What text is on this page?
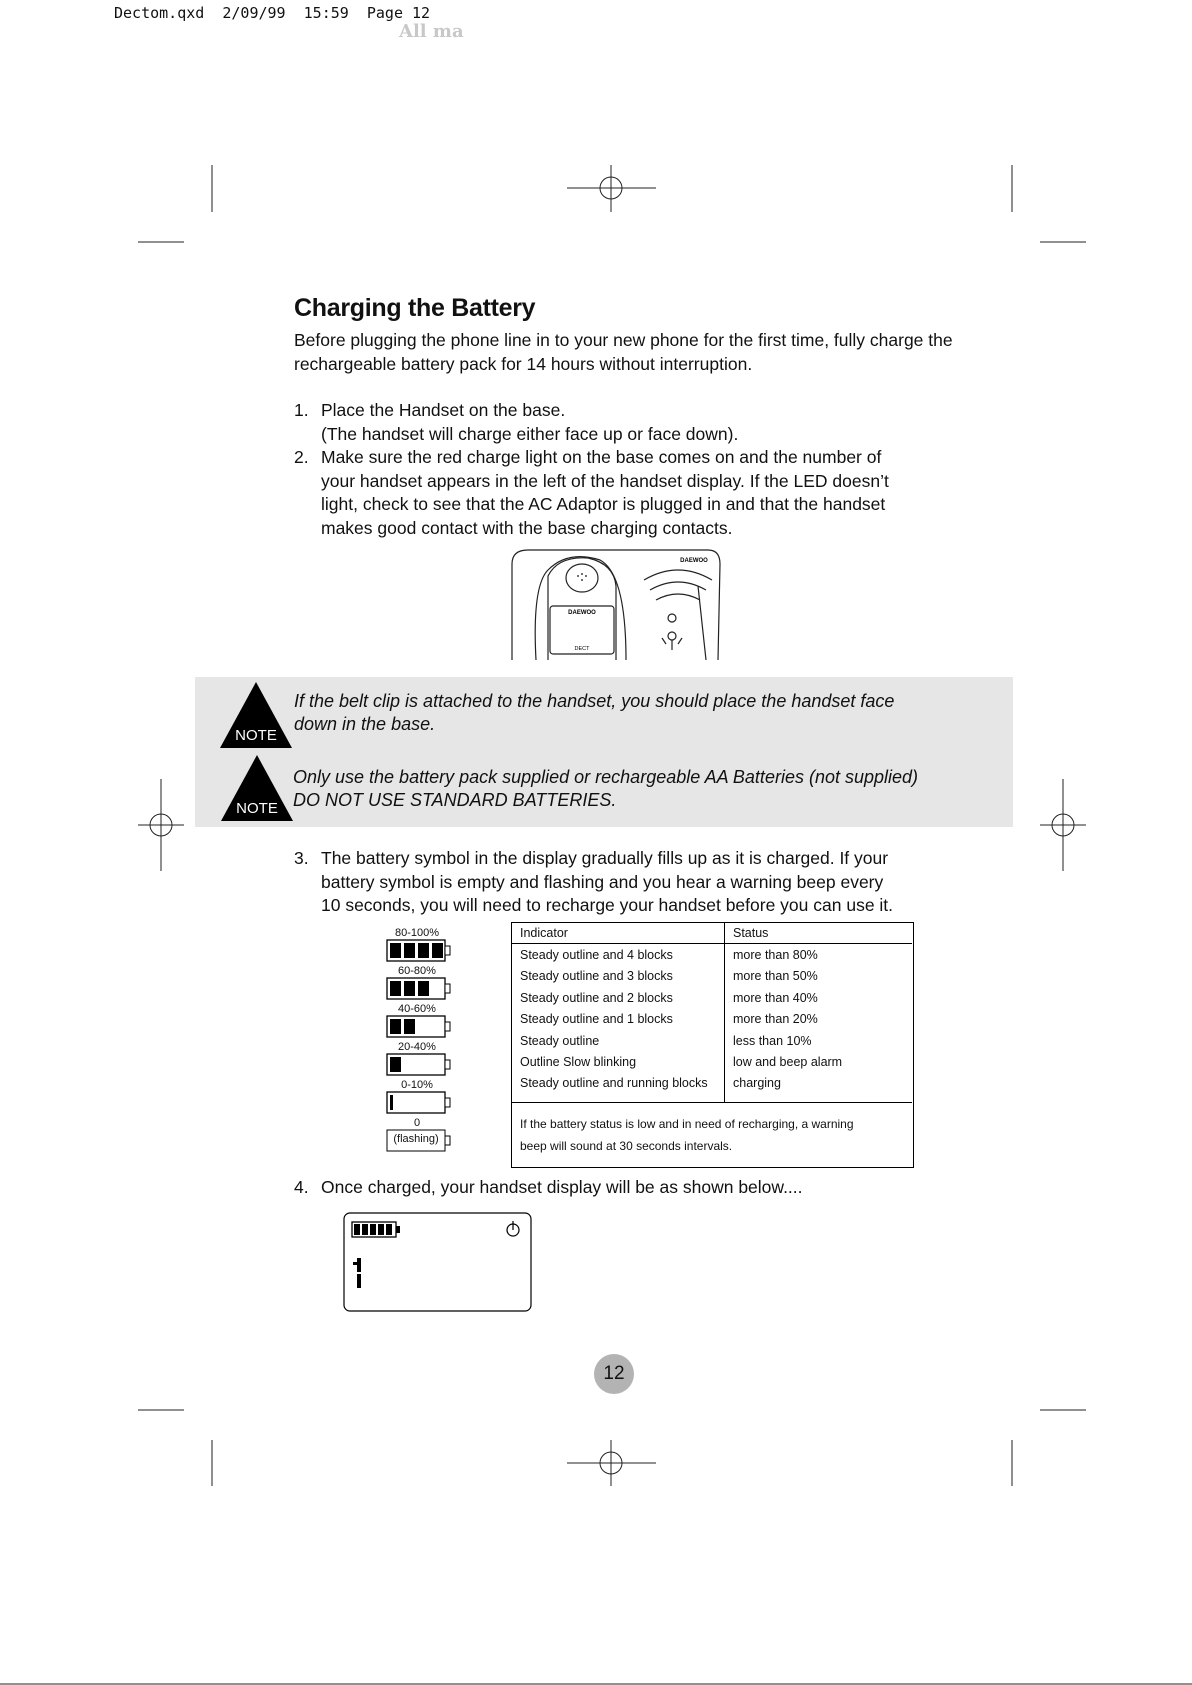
Dectom.qxd  2/09/99  15:59  Page 12
All ma
Charging the Battery
Before plugging the phone line in to your new phone for the first time, fully charge the rechargeable battery pack for 14 hours without interruption.
1. Place the Handset on the base.
(The handset will charge either face up or face down).
2. Make sure the red charge light on the base comes on and the number of
your handset appears in the left of the handset display. If the LED doesn’t
light, check to see that the AC Adaptor is plugged in and that the handset
makes good contact with the base charging contacts.
DAEWOO
DAEWOO
DECT
NOTE
If the belt clip is attached to the handset, you should place the handset face
down in the base.
NOTE
Only use the battery pack supplied or rechargeable AA Batteries (not supplied)
DO NOT USE STANDARD BATTERIES.
3. The battery symbol in the display gradually fills up as it is charged. If your
battery symbol is empty and flashing and you hear a warning beep every
10 seconds, you will need to recharge your handset before you can use it.
80-100%
60-80%
40-60%
20-40%
0-10%
0
(flashing)
Indicator	Status
Steady outline and 4 blocks	more than 80%
Steady outline and 3 blocks	more than 50%
Steady outline and 2 blocks	more than 40%
Steady outline and 1 blocks	more than 20%
Steady outline	less than 10%
Outline Slow blinking	low and beep alarm
Steady outline and running blocks	charging

If the battery status is low and in need of recharging, a warning
beep will sound at 30 seconds intervals.	
4. Once charged, your handset display will be as shown below....
12
